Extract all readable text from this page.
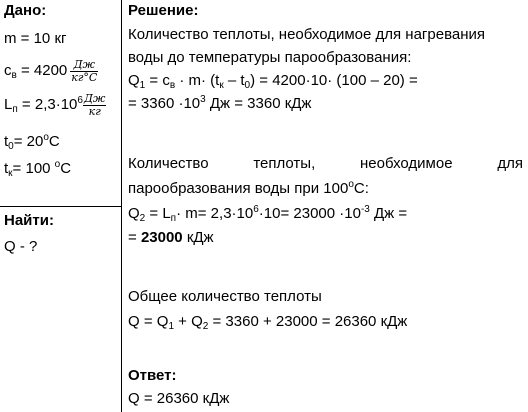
Дано:
m = 10 кг
$c_в = 4200 \frac{Дж}{кг^\circ C}$
$L_п = 2,3\cdot 10^6 \frac{Дж}{кг}$
$t_0= 20^oC$
$t_к= 100$ $^o$C
Найти:
Q - ?
Решение:
Количество теплоты, необходимое для нагревания
воды до температуры парообразования:
$Q_1 = c_в \cdot m\cdot (t_к - t_0) = 4200\cdot 10\cdot (100 - 20)$ =
= $3360 \cdot 10^3$ Дж = 3360 кДж
Количество	теплоты,	необходимое	для
парообразования воды при 100$^o$C:
$Q_2 = L_п\cdot m= 2,3\cdot 10^6\cdot 10= 23000 \cdot 10^{-3}$ Дж =
= 23000 кДж
Общее количество теплоты
$Q = Q_1 + Q_2 = 3360 + 23000 = 26360$ кДж
Ответ:
Q = 26360 кДж
